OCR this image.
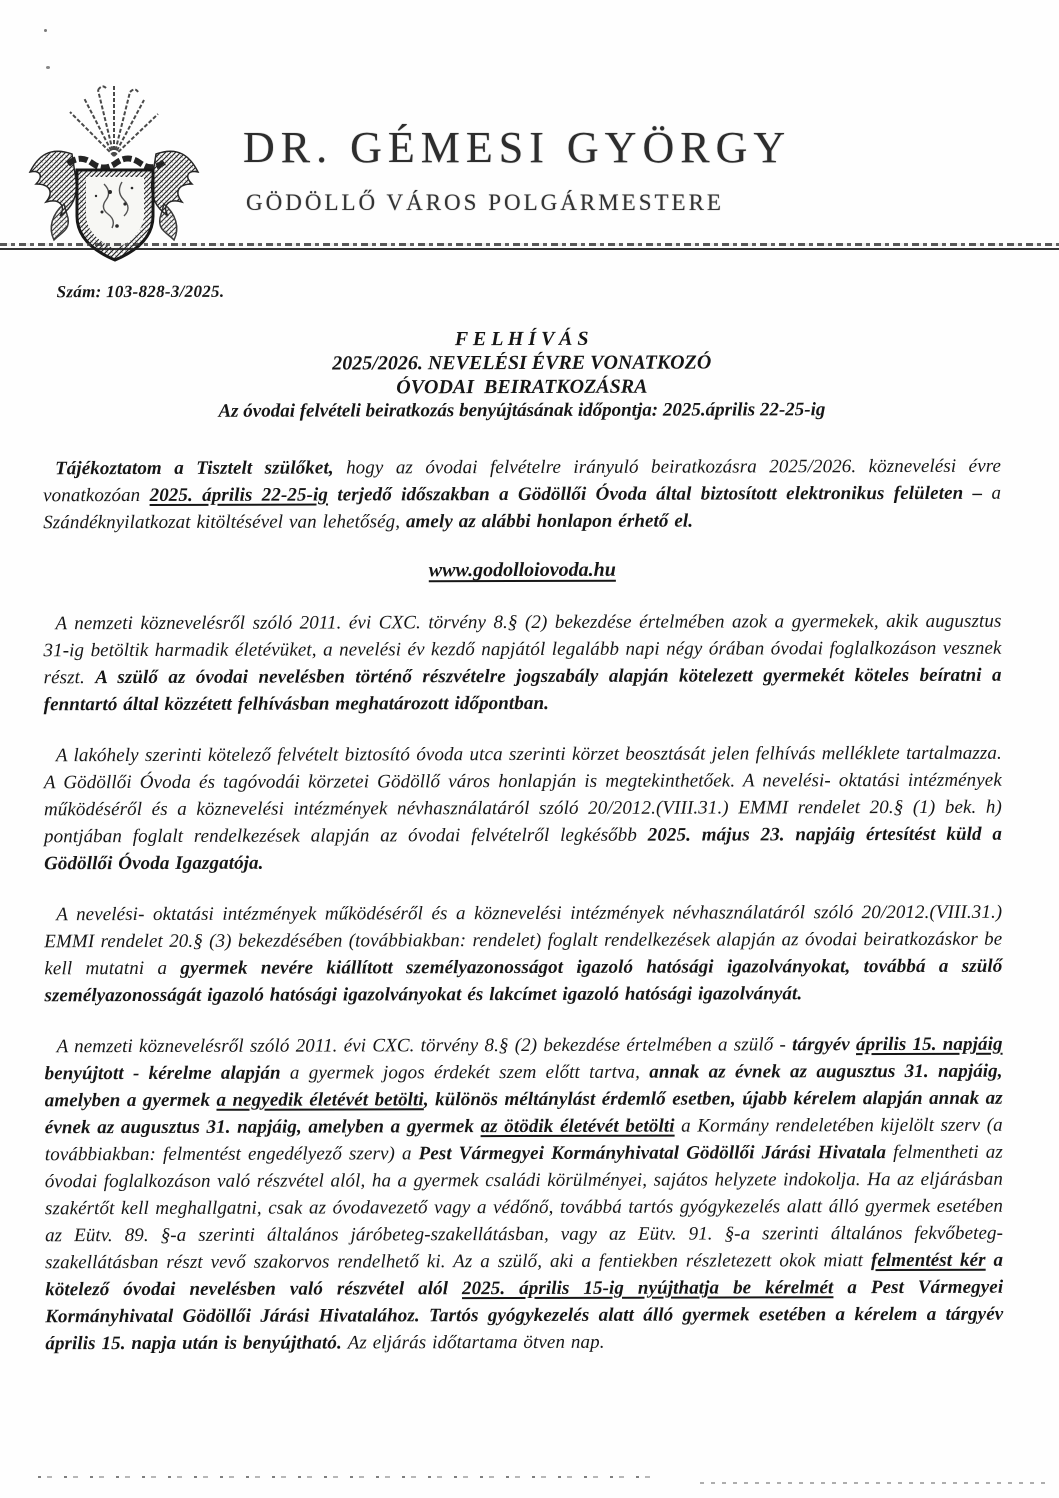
DR. GÉMESI GYÖRGY
GÖDÖLLŐ VÁROS POLGÁRMESTERE
Szám: 103-828-3/2025.
F E L H Í V Á S
2025/2026. NEVELÉSI ÉVRE VONATKOZÓ
ÓVODAI  BEIRATKOZÁSRA
Az óvodai felvételi beiratkozás benyújtásának időpontja: 2025.április 22-25-ig

Tájékoztatom a Tisztelt szülőket, hogy az óvodai felvételre irányuló beiratkozásra 2025/2026. köznevelési évre vonatkozóan 2025. április 22-25-ig terjedő időszakban a Gödöllői Óvoda által biztosított elektronikus felületen – a Szándéknyilatkozat kitöltésével van lehetőség, amely az alábbi honlapon érhető el.

www.godolloiovoda.hu

A nemzeti köznevelésről szóló 2011. évi CXC. törvény 8.§ (2) bekezdése értelmében azok a gyermekek, akik augusztus 31-ig betöltik harmadik életévüket, a nevelési év kezdő napjától legalább napi négy órában óvodai foglalkozáson vesznek részt. A szülő az óvodai nevelésben történő részvételre jogszabály alapján kötelezett gyermekét köteles beíratni a fenntartó által közzétett felhívásban meghatározott időpontban.

A lakóhely szerinti kötelező felvételt biztosító óvoda utca szerinti körzet beosztását jelen felhívás melléklete tartalmazza. A Gödöllői Óvoda és tagóvodái körzetei Gödöllő város honlapján is megtekinthetőek. A nevelési- oktatási intézmények működéséről és a köznevelési intézmények névhasználatáról szóló 20/2012.(VIII.31.) EMMI rendelet 20.§ (1) bek. h) pontjában foglalt rendelkezések alapján az óvodai felvételről legkésőbb 2025. május 23. napjáig értesítést küld a Gödöllői Óvoda Igazgatója.

A nevelési- oktatási intézmények működéséről és a köznevelési intézmények névhasználatáról szóló 20/2012.(VIII.31.) EMMI rendelet 20.§ (3) bekezdésében (továbbiakban: rendelet) foglalt rendelkezések alapján az óvodai beiratkozáskor be kell mutatni a gyermek nevére kiállított személyazonosságot igazoló hatósági igazolványokat, továbbá a szülő személyazonosságát igazoló hatósági igazolványokat és lakcímet igazoló hatósági igazolványát.

A nemzeti köznevelésről szóló 2011. évi CXC. törvény 8.§ (2) bekezdése értelmében a szülő - tárgyév április 15. napjáig benyújtott - kérelme alapján a gyermek jogos érdekét szem előtt tartva, annak az évnek az augusztus 31. napjáig, amelyben a gyermek a negyedik életévét betölti, különös méltánylást érdemlő esetben, újabb kérelem alapján annak az évnek az augusztus 31. napjáig, amelyben a gyermek az ötödik életévét betölti a Kormány rendeletében kijelölt szerv (a továbbiakban: felmentést engedélyező szerv) a Pest Vármegyei Kormányhivatal Gödöllői Járási Hivatala felmentheti az óvodai foglalkozáson való részvétel alól, ha a gyermek családi körülményei, sajátos helyzete indokolja. Ha az eljárásban szakértőt kell meghallgatni, csak az óvodavezető vagy a védőnő, továbbá tartós gyógykezelés alatt álló gyermek esetében az Eütv. 89. §-a szerinti általános járóbeteg-szakellátásban, vagy az Eütv. 91. §-a szerinti általános fekvőbeteg-szakellátásban részt vevő szakorvos rendelhető ki. Az a szülő, aki a fentiekben részletezett okok miatt felmentést kér a kötelező óvodai nevelésben való részvétel alól 2025. április 15-ig nyújthatja be kérelmét a Pest Vármegyei Kormányhivatal Gödöllői Járási Hivatalához. Tartós gyógykezelés alatt álló gyermek esetében a kérelem a tárgyév április 15. napja után is benyújtható. Az eljárás időtartama ötven nap.
